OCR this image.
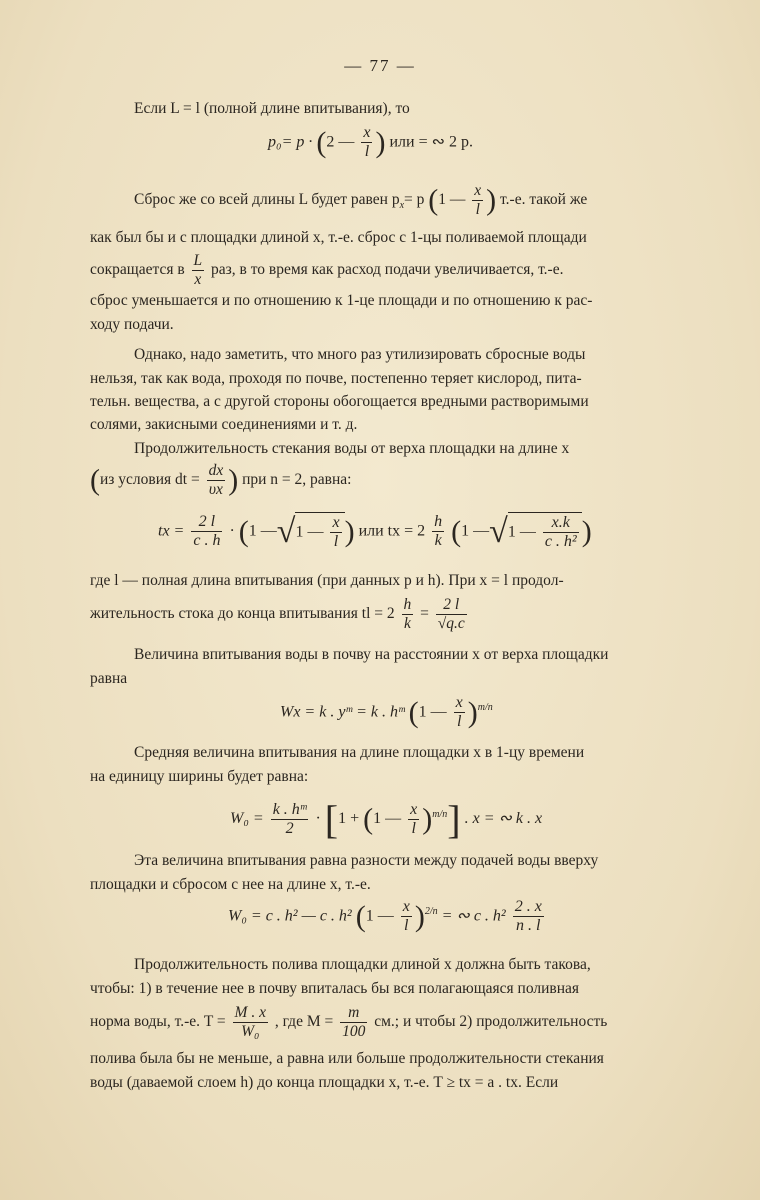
— 77 —
Если L = l (полной длине впитывания), то
p₀= p · (2 — $\frac{x}{l}$ ) или = ∾ 2 p.
Сброс же со всей длины L будет равен $p_x= p$ (1 — $\frac{x}{l}$ ) т.-е. такой же
как был бы и с площадки длиной x, т.-е. сброс с 1-цы поливаемой площади
сокращается в $\frac{L}{x}$ раз, в то время как расход подачи увеличивается, т.-е.
сброс уменьшается и по отношению к 1-це площади и по отношению к рас-
ходу подачи.
Однако, надо заметить, что много раз утилизировать сбросные воды
нельзя, так как вода, проходя по почве, постепенно теряет кислород, пита-
тельн. вещества, а с другой стороны обогощается вредными растворимыми
солями, закисными соединениями и т. д.
Продолжительность стекания воды от верха площадки на длине x
(из условия dt = $\frac{dx}{\upsilon x}$ ) при n = 2, равна:
tx = $\frac{2 l}{c . h} \cdot (1$ —√1 — $\frac{x}{l}$ ) или tx = $2 \frac{h}{k} (1$ —√1 — $\frac{x.k}{\text{c . h²}}$ )
где l — полная длина впитывания (при данных p и h). При x = l продол-
жительность стока до конца впитывания tl = $2 \frac{h}{k} = \frac{2 l}{√q.c}$
Величина впитывания воды в почву на расстоянии x от верха площадки
равна
Wx = k . yᵐ = k . hᵐ (1 — $\frac{x}{l} )^{m/n}$
Средняя величина впитывания на длине площадки x в 1-цу времени
на единицу ширины будет равна:
$W_0 = \frac{\text{k . hᵐ}}{2} \cdot [1 + (1$ — $\frac{x}{l} )^{m/n}$] . x = ∾ k . x
Эта величина впитывания равна разности между подачей воды вверху
площадки и сбросом с нее на длине x, т.-е.
W₀ = c . h² — c . h² (1 — $\frac{x}{l} )^{2/n}$ = ∾ c . $h^2 \frac{2 . x}{n . l}$
Продолжительность полива площадки длиной x должна быть такова,
чтобы: 1) в течение нее в почву впиталась бы вся полагающаяся поливная
норма воды, т.-е. $T = \frac{M . x}{\text{W₀}}$ , где $M = \frac{m}{100}$ см.; и чтобы 2) продолжительность
полива была бы не меньше, а равна или больше продолжительности стекания
воды (даваемой слоем h) до конца площадки x, т.-е. T ≥ tx = a . tx. Если
